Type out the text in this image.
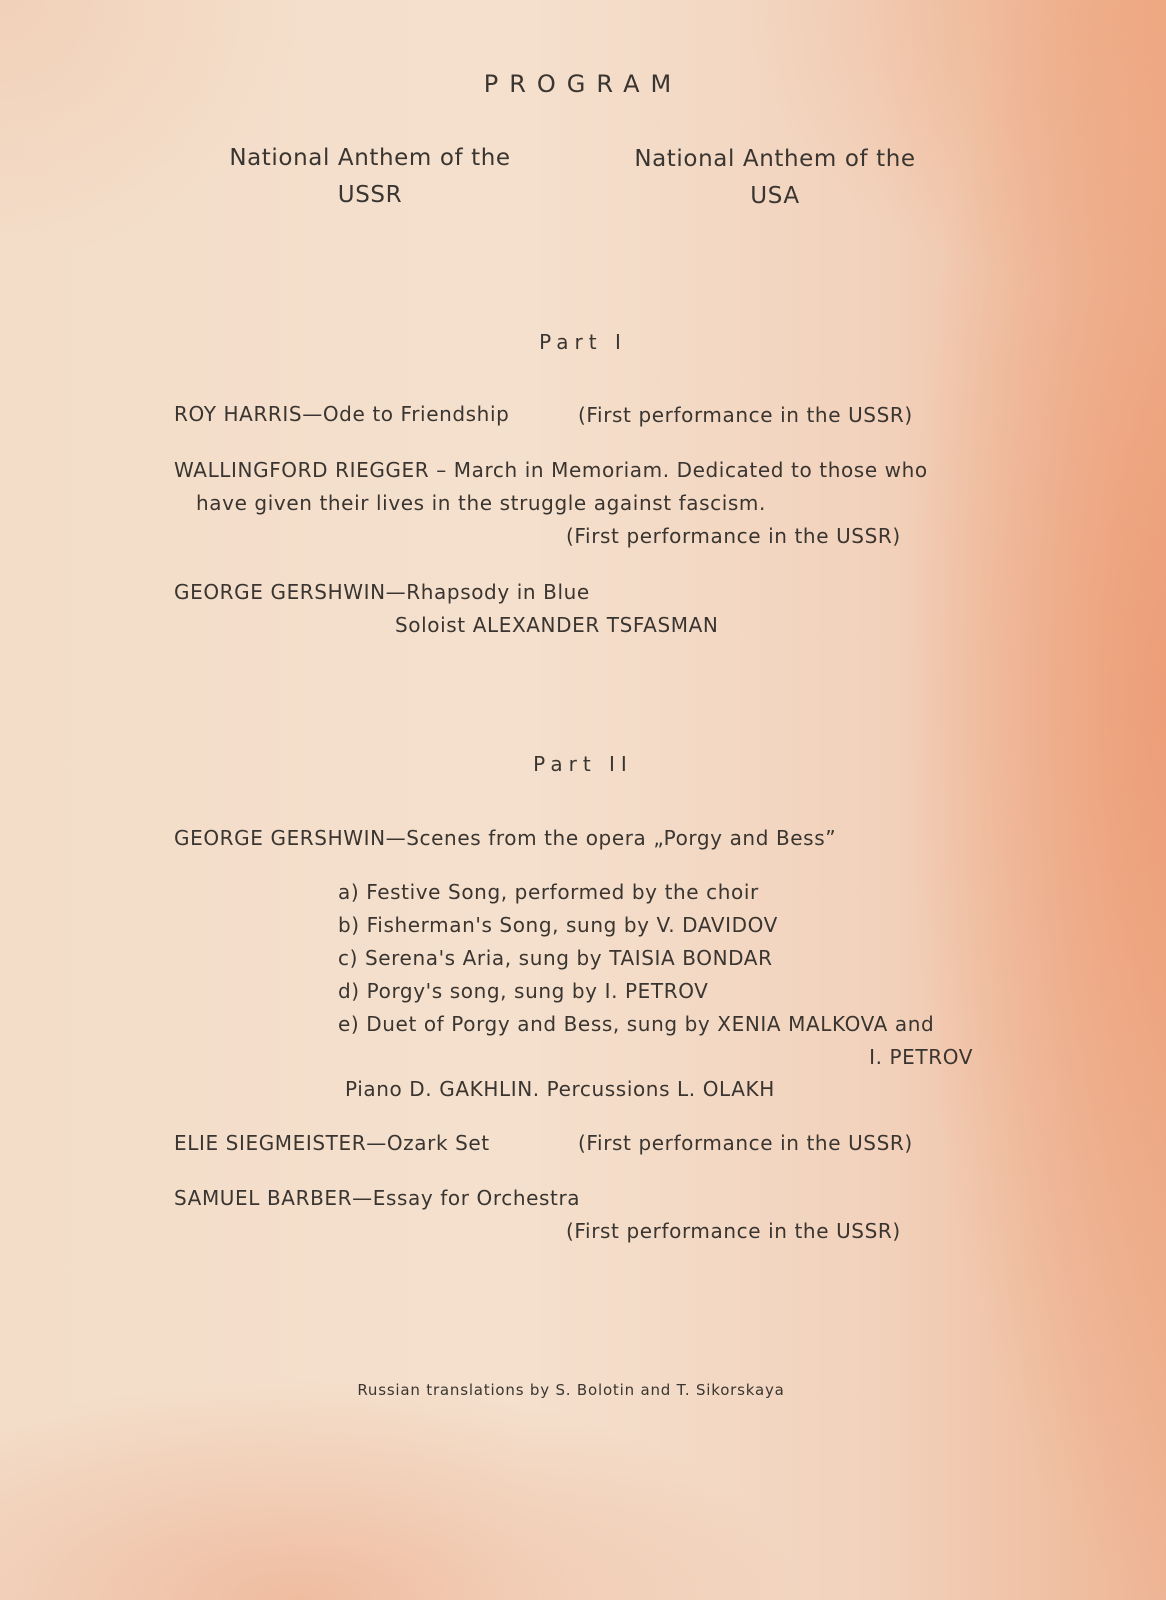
PROGRAM
National Anthem of the
USSR
National Anthem of the
USA
Part I
ROY HARRIS—Ode to Friendship	(First performance in the USSR)
WALLINGFORD RIEGGER – March in Memoriam. Dedicated to those who
have given their lives in the struggle against fascism.
(First performance in the USSR)
GEORGE GERSHWIN—Rhapsody in Blue
Soloist ALEXANDER TSFASMAN
Part II
GEORGE GERSHWIN—Scenes from the opera „Porgy and Bess”
a) Festive Song, performed by the choir
b) Fisherman's Song, sung by V. DAVIDOV
c) Serena's Aria, sung by TAISIA BONDAR
d) Porgy's song, sung by I. PETROV
e) Duet of Porgy and Bess, sung by XENIA MALKOVA and
I. PETROV
Piano D. GAKHLIN. Percussions L. OLAKH
ELIE SIEGMEISTER—Ozark Set	(First performance in the USSR)
SAMUEL BARBER—Essay for Orchestra
(First performance in the USSR)
Russian translations by S. Bolotin and T. Sikorskaya
